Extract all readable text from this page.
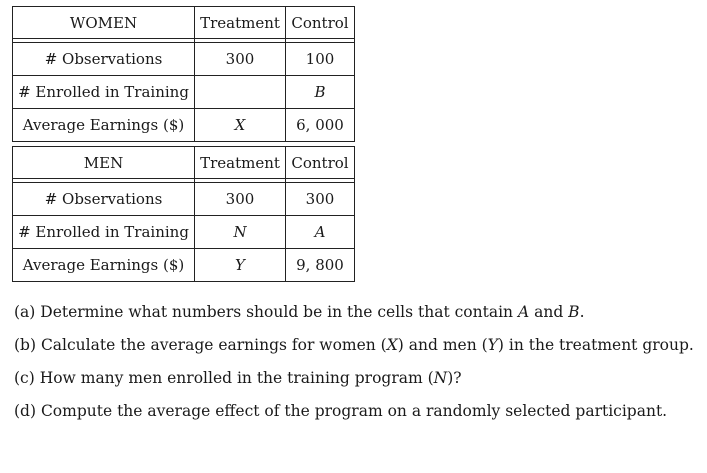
WOMEN	Treatment	Control

# Observations	300	100
# Enrolled in Training		B
Average Earnings ($)	X	6, 000
MEN	Treatment	Control

# Observations	300	300
# Enrolled in Training	N	A
Average Earnings ($)	Y	9, 800
(a) Determine what numbers should be in the cells that contain A and B.
(b) Calculate the average earnings for women (X) and men (Y) in the treatment group.
(c) How many men enrolled in the training program (N)?
(d) Compute the average effect of the program on a randomly selected participant.
